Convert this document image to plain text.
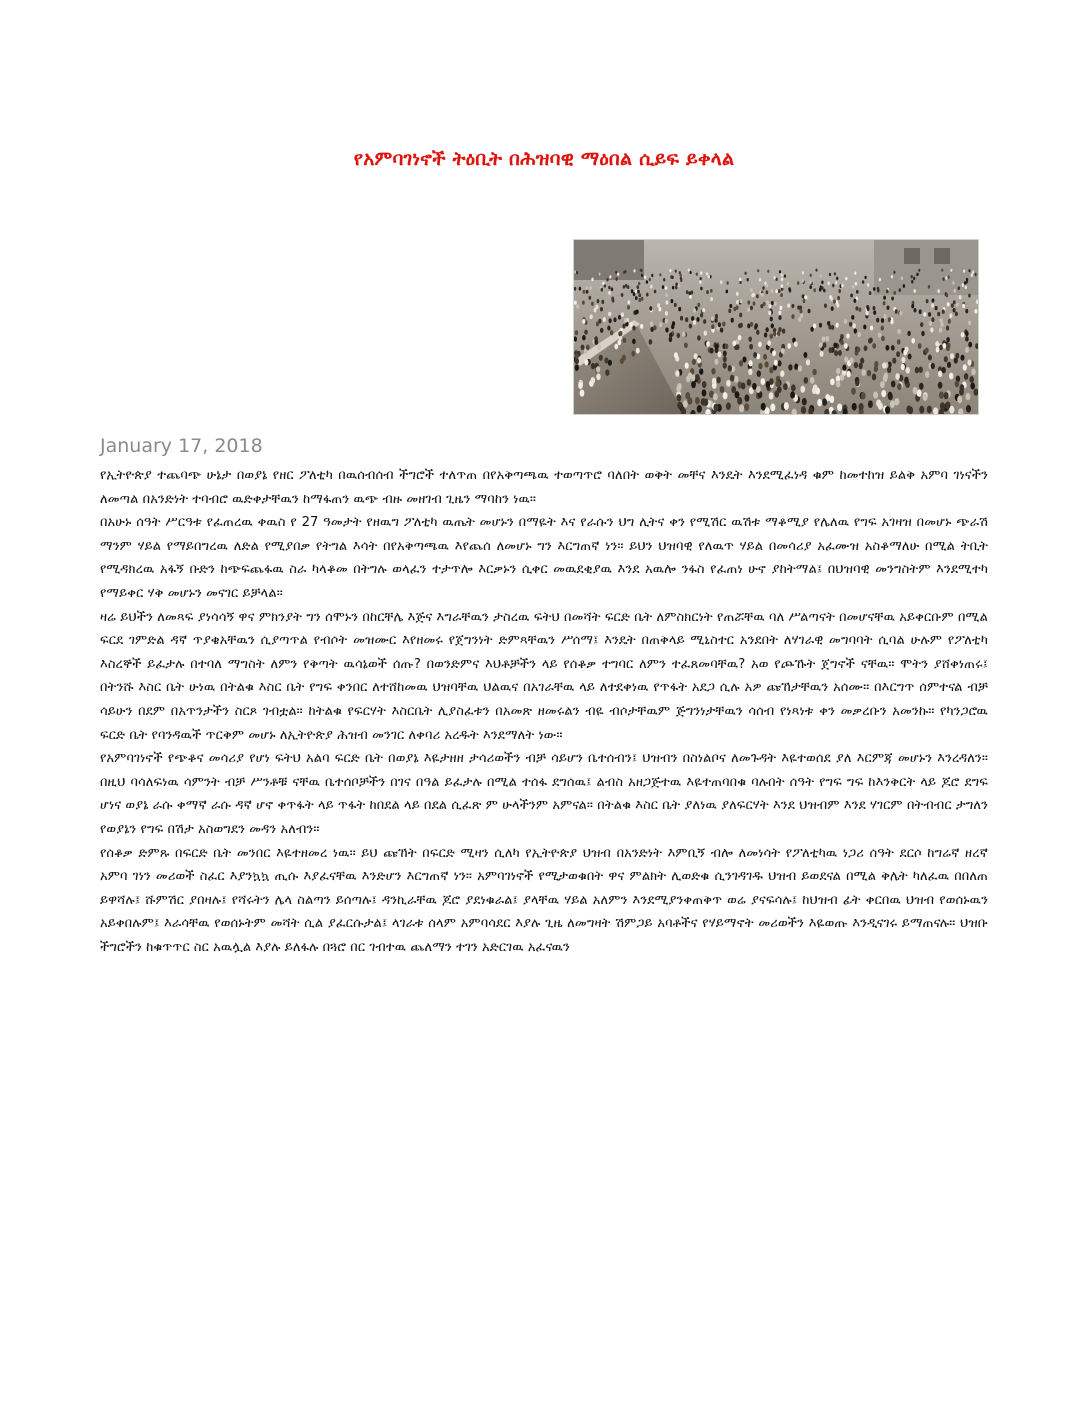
የአምባገነኖች ትዕቢት በሕዝባዊ ማዕበል ሲይፍ ይቀላል
January 17, 2018

የኢትዮጵያ ተጨባጭ ሁኔታ በወያኔ የዘር ፖለቲካ በዉሰብሰብ ችግሮች ተለጥጠ በየአቅጣጫዉ ተወጣጥሮ ባለበት ወቅት መቸና እንዴት እንደሚፈነዳ ቁም ከመተከዝ ይልቅ አምባ ገነናችን ለመጣል በአንድነት ተባብሮ ዉድቀታቸዉን ከማፋጠን ዉጭ ብዙ መዘገብ ጊዜን ማባከን ነዉ።

በአሁኑ ሰዓት ሥርዓቱ የፈጠረዉ ቀዉስ የ 27 ዓመታት የዘዉግ ፖለቲካ ዉጤት መሆኑን በማዬት እና የራሱን ህግ ሊትና ቀን የሚሽር ዉሽቱ ማቆሚያ የሌለዉ የግፍ አገዛዝ በመሆኑ ጭራሽ ማንም ሃይል የማይበግረዉ ለድል የሚያበቃ የትግል እሳት በየአቅጣጫዉ እየጨሰ ለመሆኑ ግን እርግጠኛ ነን። ይህን ህዝባዊ የለዉጥ ሃይል በመሳሪያ አፈሙዝ አስቆማለሁ በሚል ትቢት የሚዳክረዉ አፋኝ ቡድን ከጭፍጨፋዉ ስራ ካላቆመ በትግሉ ወላፈን ተታጥሎ እርቃኑን ሲቀር መዉደቂያዉ እንደ አዉሎ ንፋስ የፈጠነ ሁኖ ያከትማል፤ በህዝባዊ መንግስትም እንደሚተካ የማይቀር ሃቅ መሆኑን መናገር ይቻላል።

ዛሬ ይህችን ለመጻፍ ያነሳሳኝ ዋና ምክንያት ግን ሰሞኑን በከርቸሌ እጅና እግራቸዉን ታስረዉ ፍትህ በመሻት ፍርድ ቤት ለምስክርነት የጠሯቸዉ ባለ ሥልጣናት በመሆናቸዉ አይቀርቡም በሚል ፍርደ ገምድል ዳኛ ጥያቄአቸዉን ሲያጣጥል የብሶት መዝሙር እየዘመሩ የጀግንነት ድምጻቸዉን ሥሰማ፤ እንዴት በጠቅላይ ሚኒስተር አንደበት ለሃገራዊ መግባባት ሲባል ሁሉም የፖለቲካ እስረኞች ይፈታሉ በተባለ ማግስት ለምን የቅጣት ዉሳኔወች ሰጡ? በወንድምና እህቶቻችን ላይ የሰቆቃ ተግባር ለምን ተፈጸመባቸዉ? አወ የጮኹት ጀግኖች ናቸዉ። ሞትን ያሸቀነጠሩ፤ በትንሹ እስር ቤት ሁነዉ በትልቁ እስር ቤት የግፍ ቀንበር ለተሸከመዉ ህዝባቸዉ ህልዉና በአገራቸዉ ላይ ለተደቀነዉ የጥፋት አደጋ ሲሉ አዎ ጩኸታቸዉን አሰሙ። በእርግጥ ሰምተናል ብቻ ሳይሁን በደም በአጥንታችን ስርጾ ገብቷል። ከትልቁ የፍርሃት እስርቤት ሊያስፈቱን በአመጽ ዘመሩልን ብዬ ብሶታቸዉም ጅግንነታቸዉን ሳሰብ የነጻነቱ ቀን መቃረቡን አመንኩ። የካንጋሮዉ ፍርድ ቤት የባንዳዉች ጥርቅም መሆኑ ለኢትዮጵያ ሕዝብ መንገር ለቀባሪ አረዱት እንደማለት ነው።

የአምባገነኖች የጭቆና መሳሪያ የሆነ ፍትህ አልባ ፍርድ ቤት በወያኔ እዬታዘዘ ታሳሪወችን ብቻ ሳይሆን ቤተሰብን፤ ህዝብን በስነልቦና ለመጉዳት እዬተወሰደ ያለ እርምጃ መሆኑን እንረዳለን። በዚህ ባሳለፍነዉ ሳምንት ብቻ ሥንቶቹ ናቸዉ ቤተሰቦቻችን በገና በዓል ይፈታሉ በሚል ተሰፋ ደግሰዉ፤ ልብስ አዘጋጅተዉ እዬተጠባበቁ ባሉበት ሰዓት የግፍ ግፍ ከእንቅርት ላይ ጆሮ ደግፍ ሆነና ወያኔ ራሱ ቀማኛ ራሱ ዳኛ ሆኖ ቀጥፋት ላይ ጥፋት ከበደል ላይ በደል ሲፈጽ ም ሁላችንም አምናል። በትልቁ እስር ቤት ያለነዉ ያለፍርሃት እንደ ህዝብም እንደ ሃገርም በትብብር ታግለን የወያኔን የግፍ በሽታ አስወግደን መዳን አለብን።

የሰቆቃ ድምጹ በፍርድ ቤት መንበር እዬተዘመረ ነዉ። ይህ ጩኸት በፍርድ ሚዛን ሲለካ የኢትዮጵያ ህዝብ በአንድነት እምቢኝ ብሎ ለመነሳት የፖለቲካዉ ነጋሪ ሰዓት ደርሶ ከግሬኛ ዘረኛ አምባ ገነን መሪወች ስፈር እያንኳኳ ጢሱ እያፈናቸዉ እንድሆን እርግጠኛ ነን። አምባገነኖች የሚታወቁበት ዋና ምልክት ሊወድቁ ሲንገዳገዱ ህዝብ ይወደናል በሚል ቅሌት ካለፈዉ በበለጠ ይዋሻሉ፤ ሹምሽር ያበዛሉ፤ የሻሩትን ሌላ ስልጣን ይሰጣሉ፤ ዳንኪራቸዉ ጆሮ ያደነቁራል፤ ያላቸዉ ሃይል አለምን እንደሚያንቀጠቅጥ ወሬ ያናፍሳሉ፤ ከህዝብ ፊት ቀርበዉ ህዝብ የወሰኑዉን አይቀበሉም፤ እራሳቸዉ የወሰኑትም መሻት ሲል ያፈርሱታል፤ ላገራቱ ሰላም አምባሳደር እያሉ ጊዜ ለመግዛት ሽምጋይ አባቶችና የሃይማኖት መሪወችን እዬወጡ እንዲናገሩ ይማጠናሉ። ህዝቡ ችግሮችን ከቁጥጥር ስር አዉሏል እያሉ ይለፋሉ በጓሮ በር ገብተዉ ጨለማን ተገን አድርገዉ አፈናዉን
